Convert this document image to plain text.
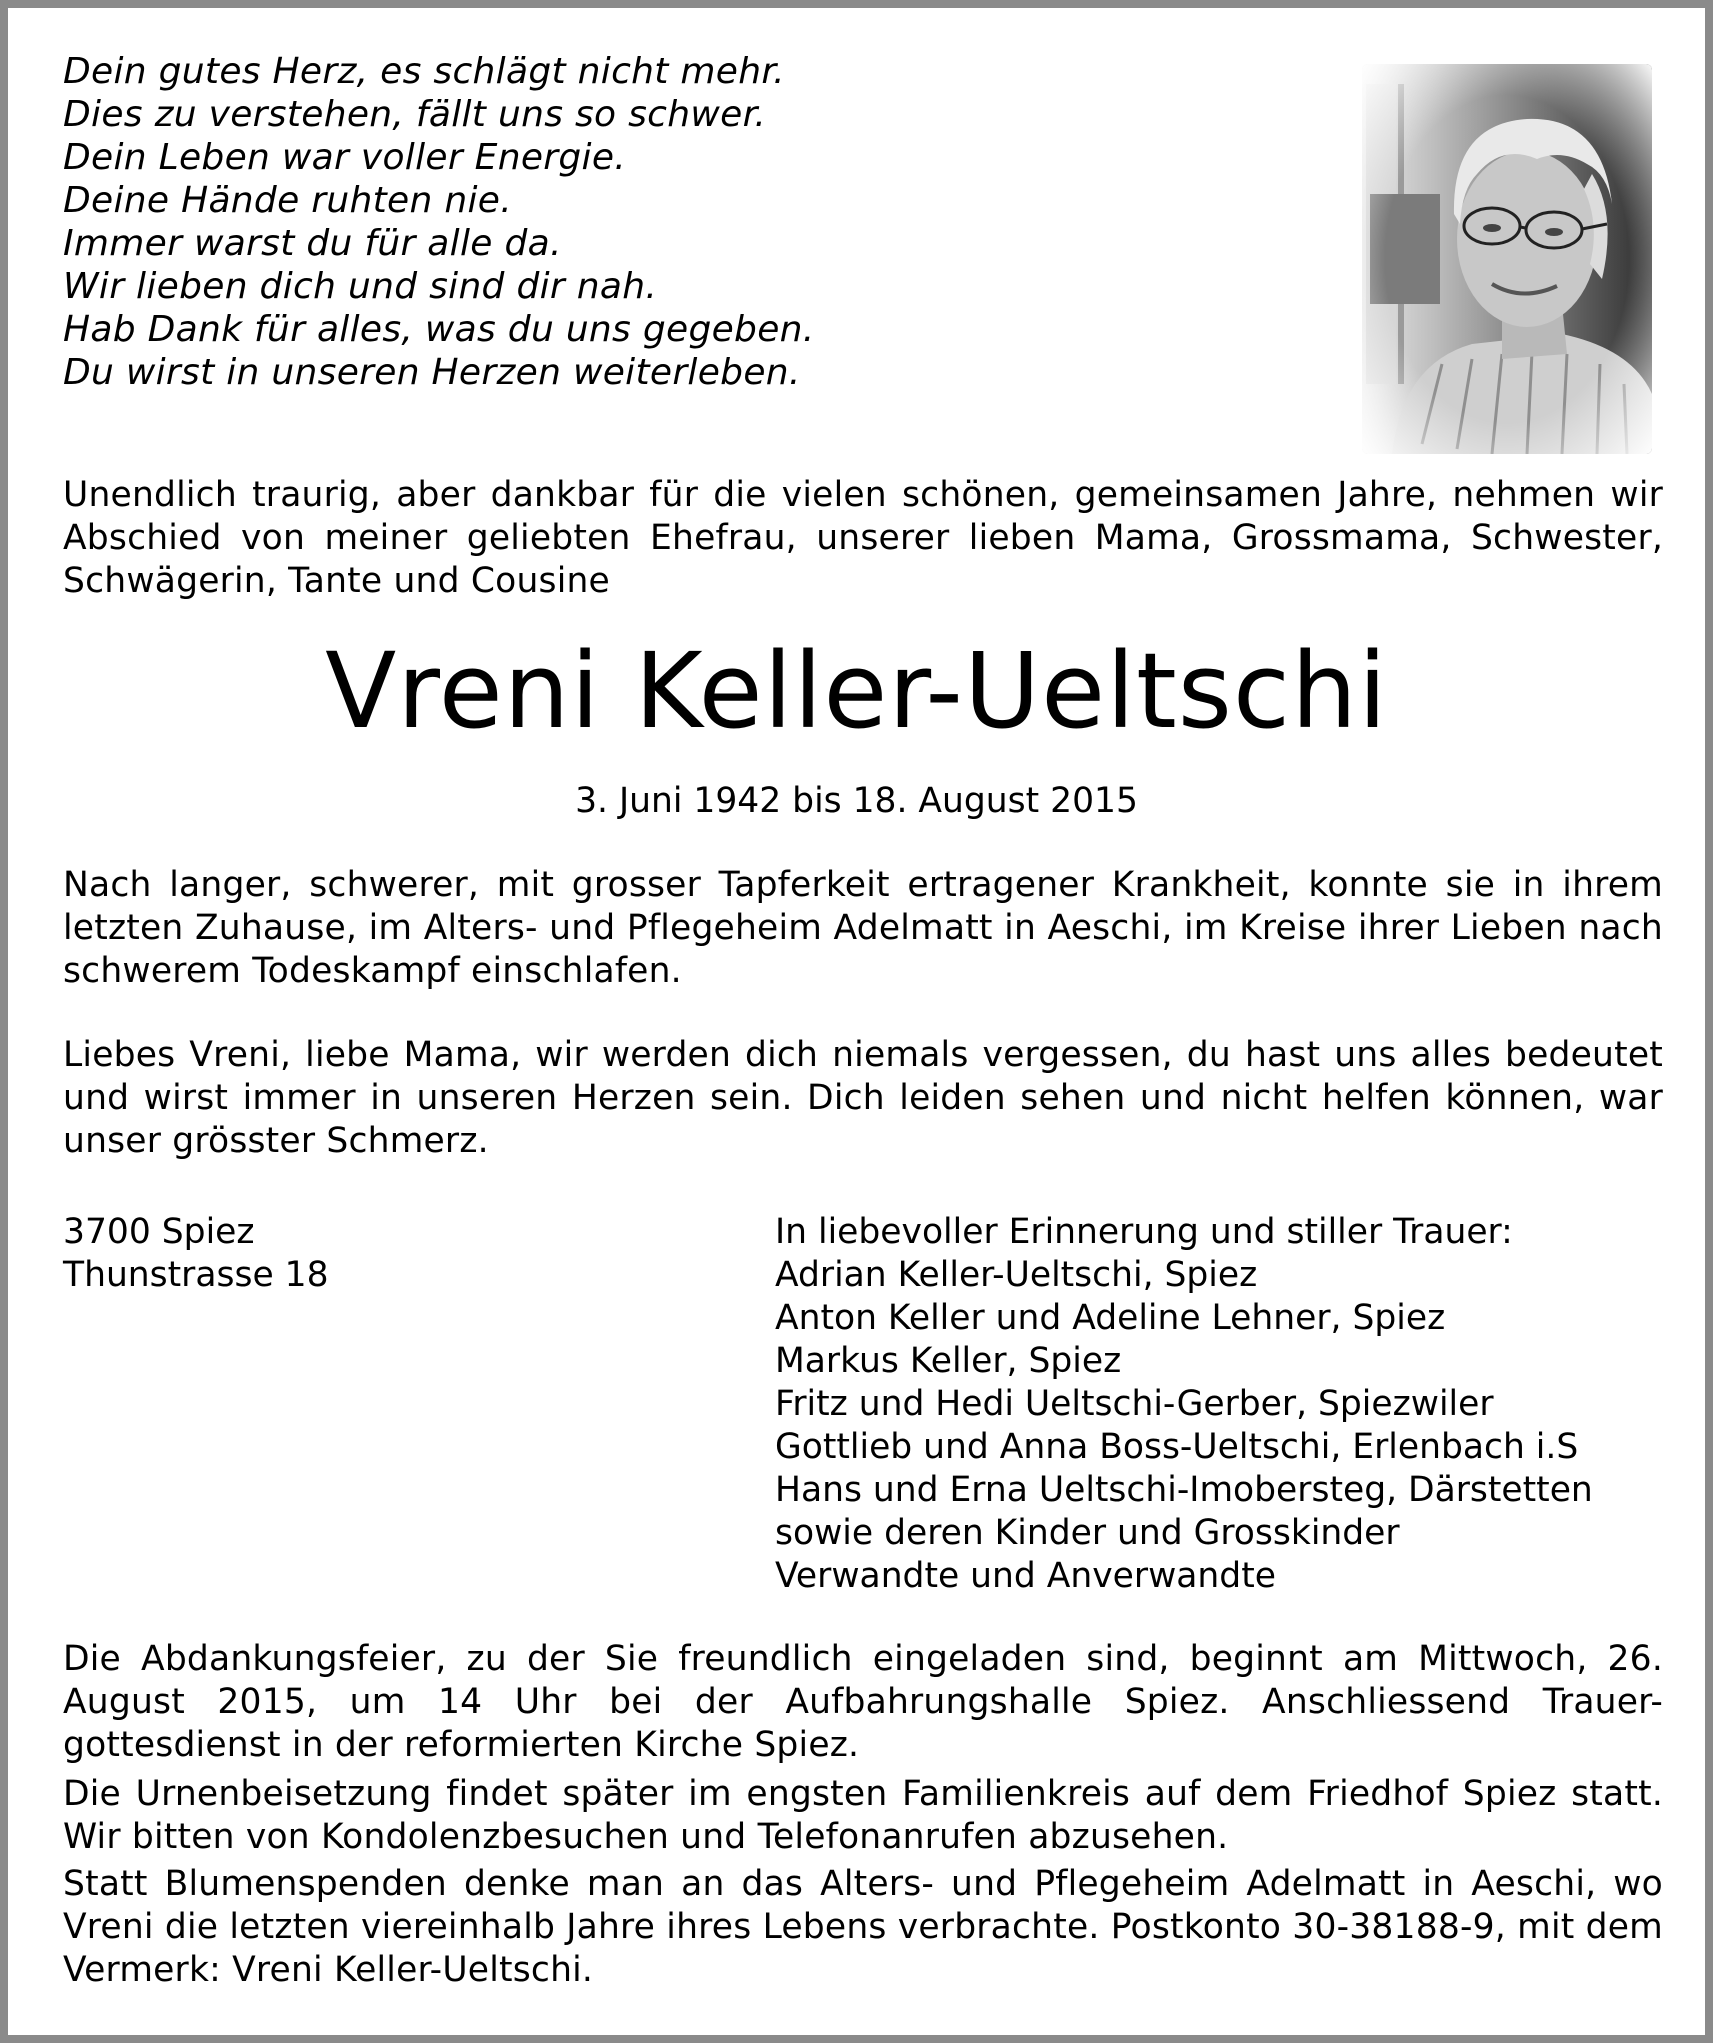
Dein gutes Herz, es schlägt nicht mehr.
Dies zu verstehen, fällt uns so schwer.
Dein Leben war voller Energie.
Deine Hände ruhten nie.
Immer warst du für alle da.
Wir lieben dich und sind dir nah.
Hab Dank für alles, was du uns gegeben.
Du wirst in unseren Herzen weiterleben.
Unendlich traurig, aber dankbar für die vielen schönen, gemeinsamen Jahre, nehmen wir Abschied von meiner geliebten Ehefrau, unserer lieben Mama, Grossmama, Schwester, Schwägerin, Tante und Cousine
Vreni Keller-Ueltschi
3. Juni 1942 bis 18. August 2015
Nach langer, schwerer, mit grosser Tapferkeit ertragener Krankheit, konnte sie in ihrem letzten Zuhause, im Alters- und Pflegeheim Adelmatt in Aeschi, im Kreise ihrer Lieben nach schwerem Todeskampf einschlafen.
Liebes Vreni, liebe Mama, wir werden dich niemals vergessen, du hast uns alles bedeutet und wirst immer in unseren Herzen sein. Dich leiden sehen und nicht helfen können, war unser grösster Schmerz.
3700 Spiez
Thunstrasse 18
In liebevoller Erinnerung und stiller Trauer:
Adrian Keller-Ueltschi, Spiez
Anton Keller und Adeline Lehner, Spiez
Markus Keller, Spiez
Fritz und Hedi Ueltschi-Gerber, Spiezwiler
Gottlieb und Anna Boss-Ueltschi, Erlenbach i.S
Hans und Erna Ueltschi-Imobersteg, Därstetten
sowie deren Kinder und Grosskinder
Verwandte und Anverwandte
Die Abdankungsfeier, zu der Sie freundlich eingeladen sind, beginnt am Mittwoch, 26. August 2015, um 14 Uhr bei der Aufbahrungshalle Spiez. Anschliessend Trauer-gottesdienst in der reformierten Kirche Spiez.
Die Urnenbeisetzung findet später im engsten Familienkreis auf dem Friedhof Spiez statt. Wir bitten von Kondolenzbesuchen und Telefonanrufen abzusehen.
Statt Blumenspenden denke man an das Alters- und Pflegeheim Adelmatt in Aeschi, wo Vreni die letzten viereinhalb Jahre ihres Lebens verbrachte. Postkonto 30-38188-9, mit dem Vermerk: Vreni Keller-Ueltschi.
